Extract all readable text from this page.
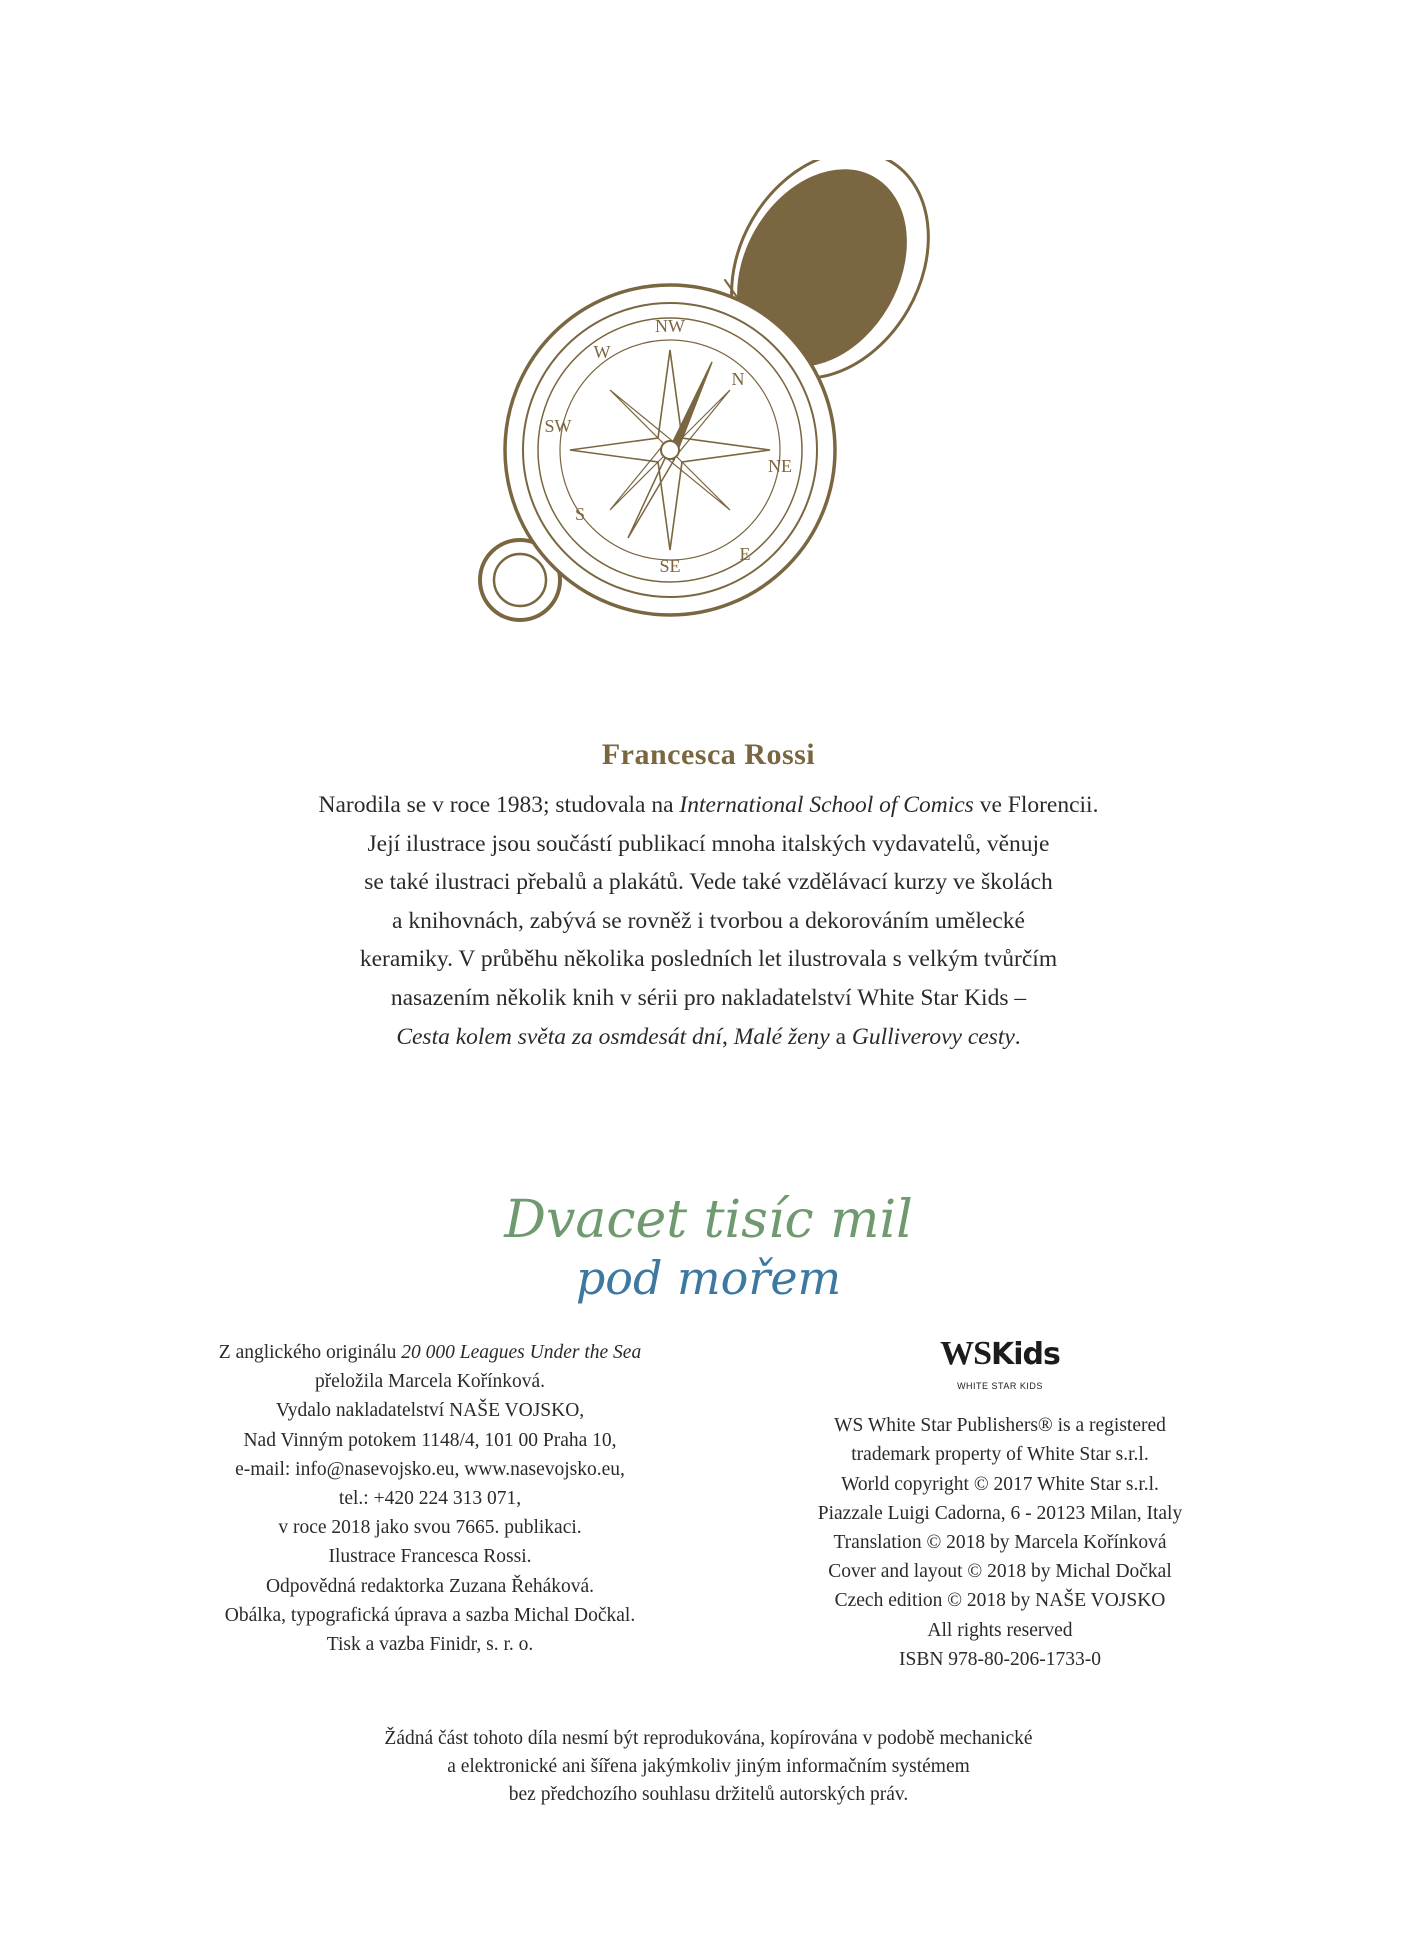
N
NW
W
SW
S
SE
E
NE
Francesca Rossi
Narodila se v roce 1983; studovala na International School of Comics ve Florencii.
Její ilustrace jsou součástí publikací mnoha italských vydavatelů, věnuje
se také ilustraci přebalů a plakátů. Vede také vzdělávací kurzy ve školách
a knihovnách, zabývá se rovněž i tvorbou a dekorováním umělecké
keramiky. V průběhu několika posledních let ilustrovala s velkým tvůrčím
nasazením několik knih v sérii pro nakladatelství White Star Kids –
Cesta kolem světa za osmdesát dní, Malé ženy a Gulliverovy cesty.
Dvacet tisíc mil
pod mořem
Z anglického originálu 20 000 Leagues Under the Sea
přeložila Marcela Kořínková.
Vydalo nakladatelství NAŠE VOJSKO,
Nad Vinným potokem 1148/4, 101 00 Praha 10,
e-mail: info@nasevojsko.eu, www.nasevojsko.eu,
tel.: +420 224 313 071,
v roce 2018 jako svou 7665. publikaci.
Ilustrace Francesca Rossi.
Odpovědná redaktorka Zuzana Řeháková.
Obálka, typografická úprava a sazba Michal Dočkal.
Tisk a vazba Finidr, s. r. o.
WSKids
WHITE STAR KIDS
WS White Star Publishers® is a registered
trademark property of White Star s.r.l.
World copyright © 2017 White Star s.r.l.
Piazzale Luigi Cadorna, 6 - 20123 Milan, Italy
Translation © 2018 by Marcela Kořínková
Cover and layout © 2018 by Michal Dočkal
Czech edition © 2018 by NAŠE VOJSKO
All rights reserved
ISBN 978-80-206-1733-0
Žádná část tohoto díla nesmí být reprodukována, kopírována v podobě mechanické
a elektronické ani šířena jakýmkoliv jiným informačním systémem
bez předchozího souhlasu držitelů autorských práv.
